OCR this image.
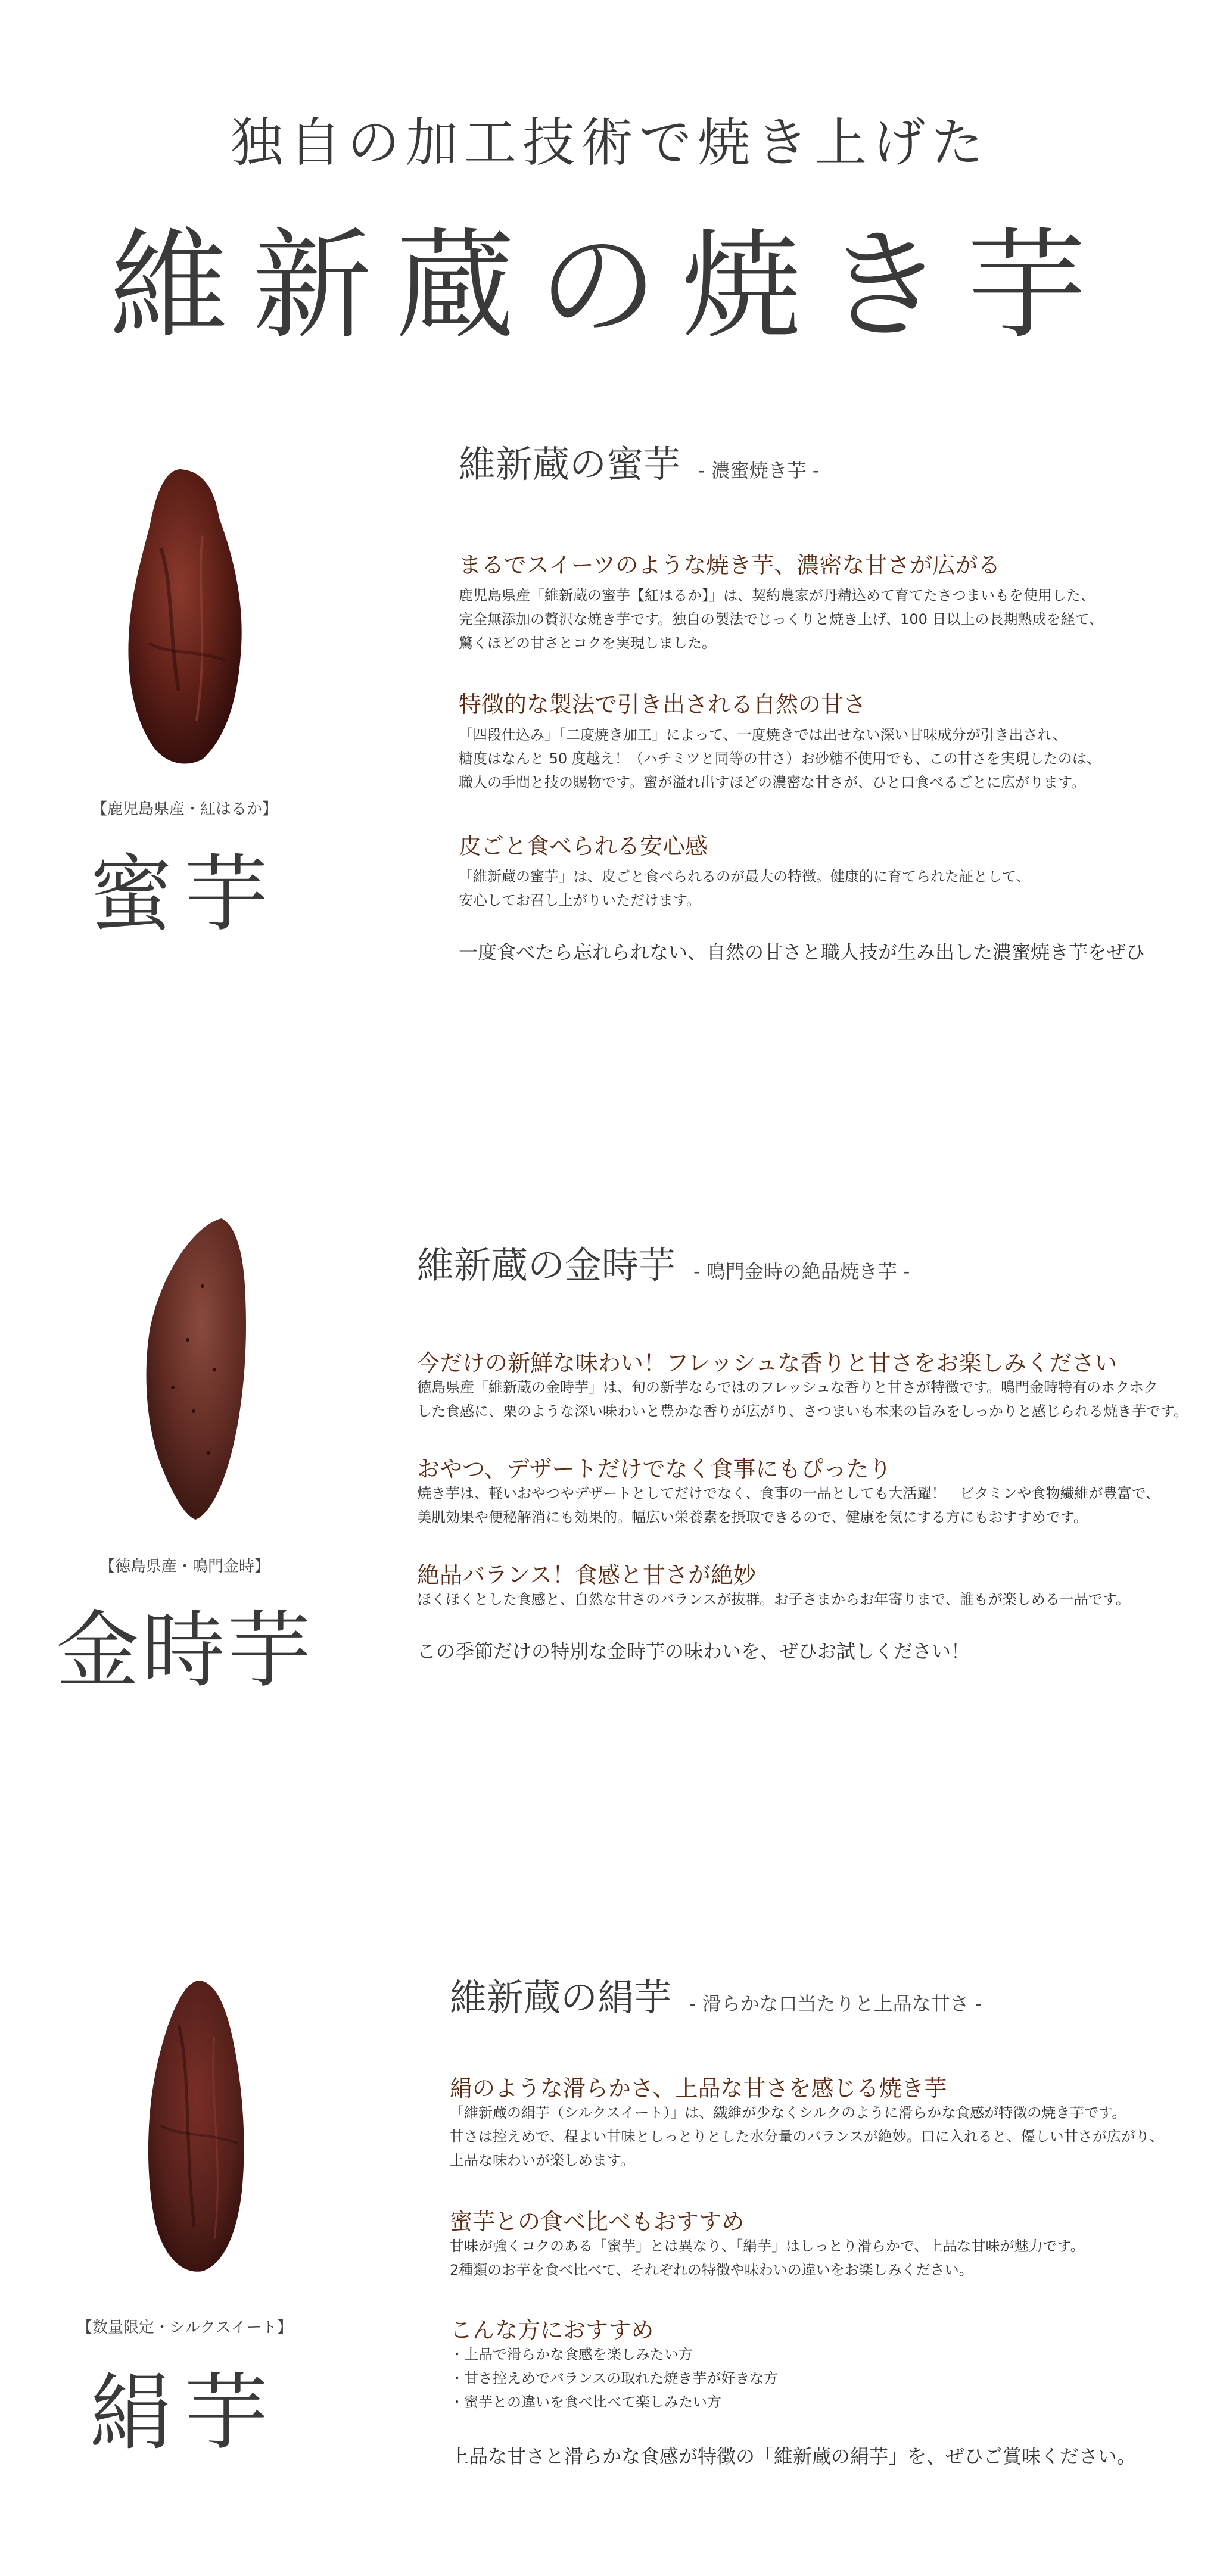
独自の加工技術で焼き上げた
維新蔵の焼き芋
【鹿児島県産・紅はるか】
蜜芋
維新蔵の蜜芋 - 濃蜜焼き芋 -
まるでスイーツのような焼き芋、濃密な甘さが広がる
鹿児島県産「維新蔵の蜜芋【紅はるか】」は、契約農家が丹精込めて育てたさつまいもを使用した、
完全無添加の贅沢な焼き芋です。独自の製法でじっくりと焼き上げ、100 日以上の長期熟成を経て、
驚くほどの甘さとコクを実現しました。
特徴的な製法で引き出される自然の甘さ
「四段仕込み」「二度焼き加工」によって、一度焼きでは出せない深い甘味成分が引き出され、
糖度はなんと 50 度越え！（ハチミツと同等の甘さ）お砂糖不使用でも、この甘さを実現したのは、
職人の手間と技の賜物です。蜜が溢れ出すほどの濃密な甘さが、ひと口食べるごとに広がります。
皮ごと食べられる安心感
「維新蔵の蜜芋」は、皮ごと食べられるのが最大の特徴。健康的に育てられた証として、
安心してお召し上がりいただけます。
一度食べたら忘れられない、自然の甘さと職人技が生み出した濃蜜焼き芋をぜひ
【徳島県産・鳴門金時】
金時芋
維新蔵の金時芋 - 鳴門金時の絶品焼き芋 -
今だけの新鮮な味わい！フレッシュな香りと甘さをお楽しみください
徳島県産「維新蔵の金時芋」は、旬の新芋ならではのフレッシュな香りと甘さが特徴です。鳴門金時特有のホクホク
した食感に、栗のような深い味わいと豊かな香りが広がり、さつまいも本来の旨みをしっかりと感じられる焼き芋です。
おやつ、デザートだけでなく食事にもぴったり
焼き芋は、軽いおやつやデザートとしてだけでなく、食事の一品としても大活躍！　ビタミンや食物繊維が豊富で、
美肌効果や便秘解消にも効果的。幅広い栄養素を摂取できるので、健康を気にする方にもおすすめです。
絶品バランス！食感と甘さが絶妙
ほくほくとした食感と、自然な甘さのバランスが抜群。お子さまからお年寄りまで、誰もが楽しめる一品です。
この季節だけの特別な金時芋の味わいを、ぜひお試しください！
【数量限定・シルクスイート】
絹芋
維新蔵の絹芋 - 滑らかな口当たりと上品な甘さ -
絹のような滑らかさ、上品な甘さを感じる焼き芋
「維新蔵の絹芋（シルクスイート）」は、繊維が少なくシルクのように滑らかな食感が特徴の焼き芋です。
甘さは控えめで、程よい甘味としっとりとした水分量のバランスが絶妙。口に入れると、優しい甘さが広がり、
上品な味わいが楽しめます。
蜜芋との食べ比べもおすすめ
甘味が強くコクのある「蜜芋」とは異なり、「絹芋」はしっとり滑らかで、上品な甘味が魅力です。
2種類のお芋を食べ比べて、それぞれの特徴や味わいの違いをお楽しみください。
こんな方におすすめ
・上品で滑らかな食感を楽しみたい方
・甘さ控えめでバランスの取れた焼き芋が好きな方
・蜜芋との違いを食べ比べて楽しみたい方
上品な甘さと滑らかな食感が特徴の「維新蔵の絹芋」を、ぜひご賞味ください。
